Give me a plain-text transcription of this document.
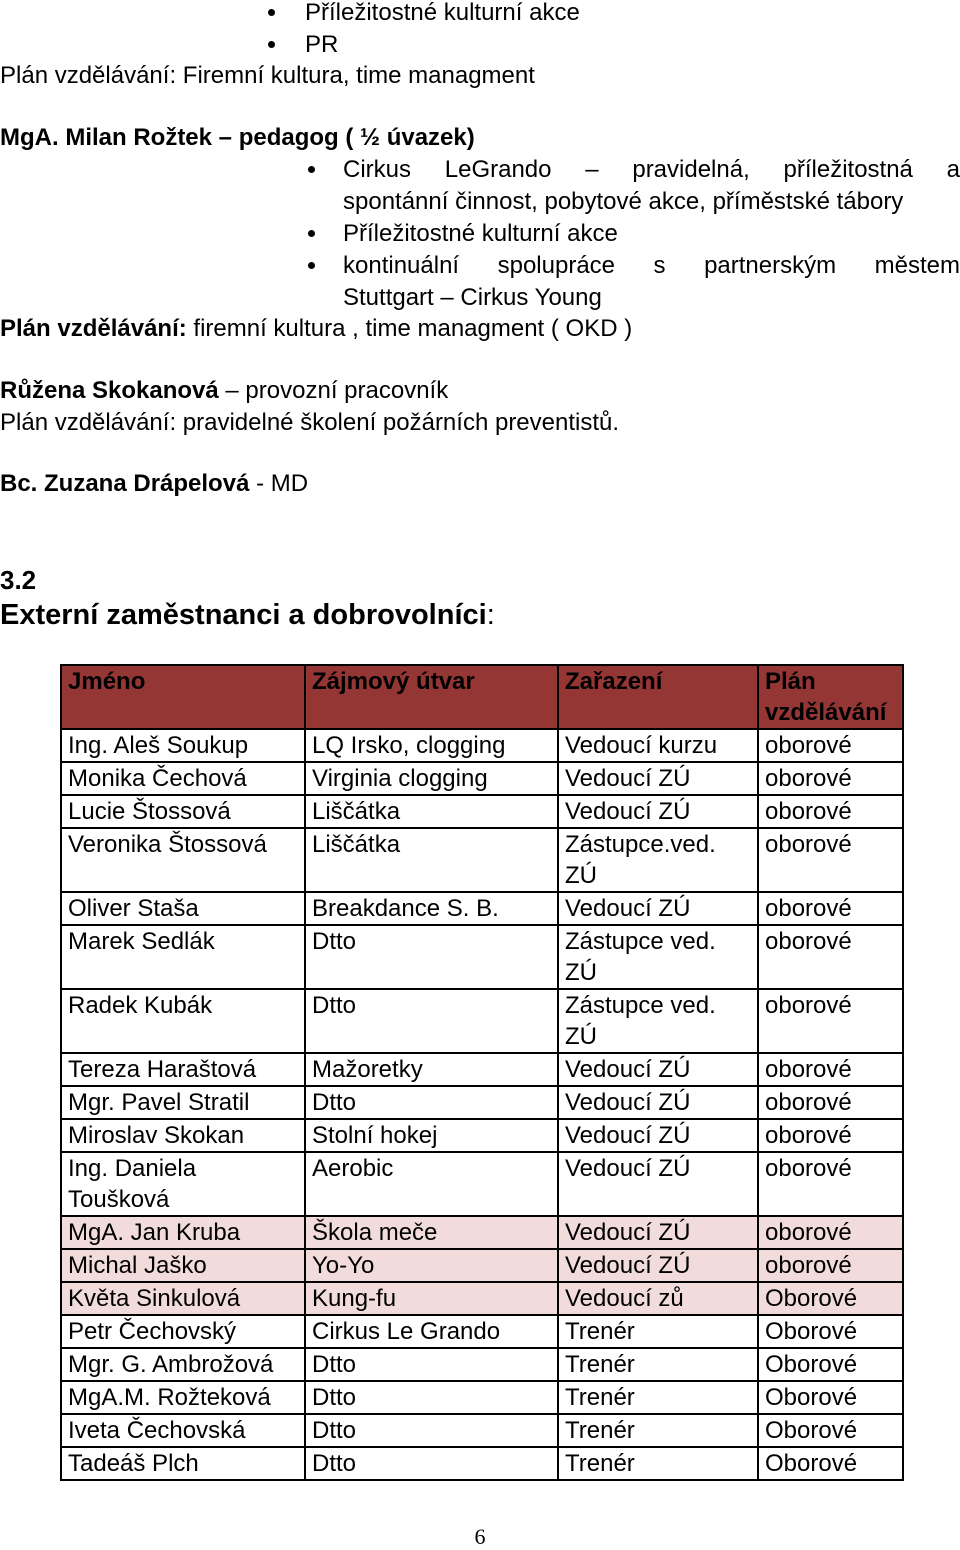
Příležitostné kulturní akce
PR
Plán vzdělávání: Firemní kultura, time managment
MgA. Milan Rožtek – pedagog ( ½ úvazek)
Cirkus LeGrando – pravidelná, příležitostná a
spontánní činnost, pobytové akce, příměstské tábory
Příležitostné kulturní akce
kontinuální spolupráce s partnerským městem
Stuttgart – Cirkus Young
Plán vzdělávání: firemní kultura , time managment ( OKD )
Růžena Skokanová – provozní pracovník
Plán vzdělávání: pravidelné školení požárních preventistů.
Bc. Zuzana Drápelová - MD
3.2
Externí zaměstnanci a dobrovolníci:
Jméno	Zájmový útvar	Zařazení	Plán vzdělávání
Ing. Aleš Soukup	LQ Irsko, clogging	Vedoucí kurzu	oborové
Monika Čechová	Virginia clogging	Vedoucí ZÚ	oborové
Lucie Štossová	Liščátka	Vedoucí ZÚ	oborové
Veronika Štossová	Liščátka	Zástupce.ved. ZÚ	oborové
Oliver Staša	Breakdance S. B.	Vedoucí ZÚ	oborové
Marek Sedlák	Dtto	Zástupce ved. ZÚ	oborové
Radek Kubák	Dtto	Zástupce ved. ZÚ	oborové
Tereza Haraštová	Mažoretky	Vedoucí ZÚ	oborové
Mgr. Pavel Stratil	Dtto	Vedoucí ZÚ	oborové
Miroslav Skokan	Stolní hokej	Vedoucí ZÚ	oborové
Ing. Daniela Toušková	Aerobic	Vedoucí ZÚ	oborové
MgA. Jan Kruba	Škola meče	Vedoucí ZÚ	oborové
Michal Jaško	Yo-Yo	Vedoucí ZÚ	oborové
Květa Sinkulová	Kung-fu	Vedoucí zů	Oborové
Petr Čechovský	Cirkus Le Grando	Trenér	Oborové
Mgr. G. Ambrožová	Dtto	Trenér	Oborové
MgA.M. Rožteková	Dtto	Trenér	Oborové
Iveta Čechovská	Dtto	Trenér	Oborové
Tadeáš Plch	Dtto	Trenér	Oborové
6
